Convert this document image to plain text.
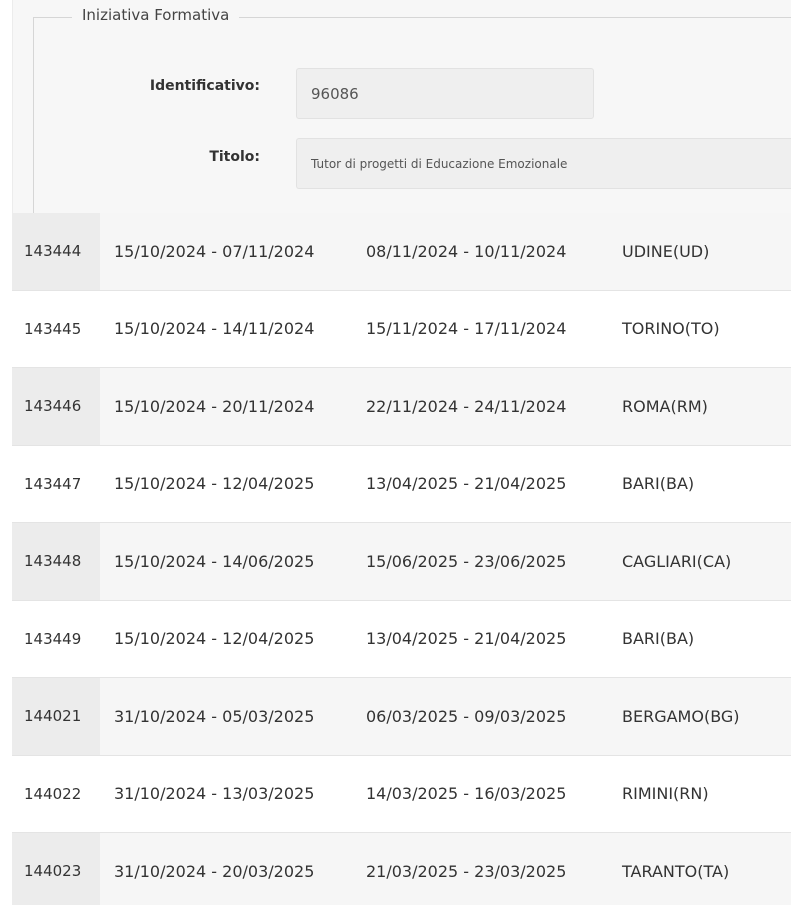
Iniziativa Formativa
Identificativo:	96086
Titolo:	Tutor di progetti di Educazione Emozionale
143444	15/10/2024 - 07/11/2024	08/11/2024 - 10/11/2024	UDINE(UD)
143445	15/10/2024 - 14/11/2024	15/11/2024 - 17/11/2024	TORINO(TO)
143446	15/10/2024 - 20/11/2024	22/11/2024 - 24/11/2024	ROMA(RM)
143447	15/10/2024 - 12/04/2025	13/04/2025 - 21/04/2025	BARI(BA)
143448	15/10/2024 - 14/06/2025	15/06/2025 - 23/06/2025	CAGLIARI(CA)
143449	15/10/2024 - 12/04/2025	13/04/2025 - 21/04/2025	BARI(BA)
144021	31/10/2024 - 05/03/2025	06/03/2025 - 09/03/2025	BERGAMO(BG)
144022	31/10/2024 - 13/03/2025	14/03/2025 - 16/03/2025	RIMINI(RN)
144023	31/10/2024 - 20/03/2025	21/03/2025 - 23/03/2025	TARANTO(TA)
